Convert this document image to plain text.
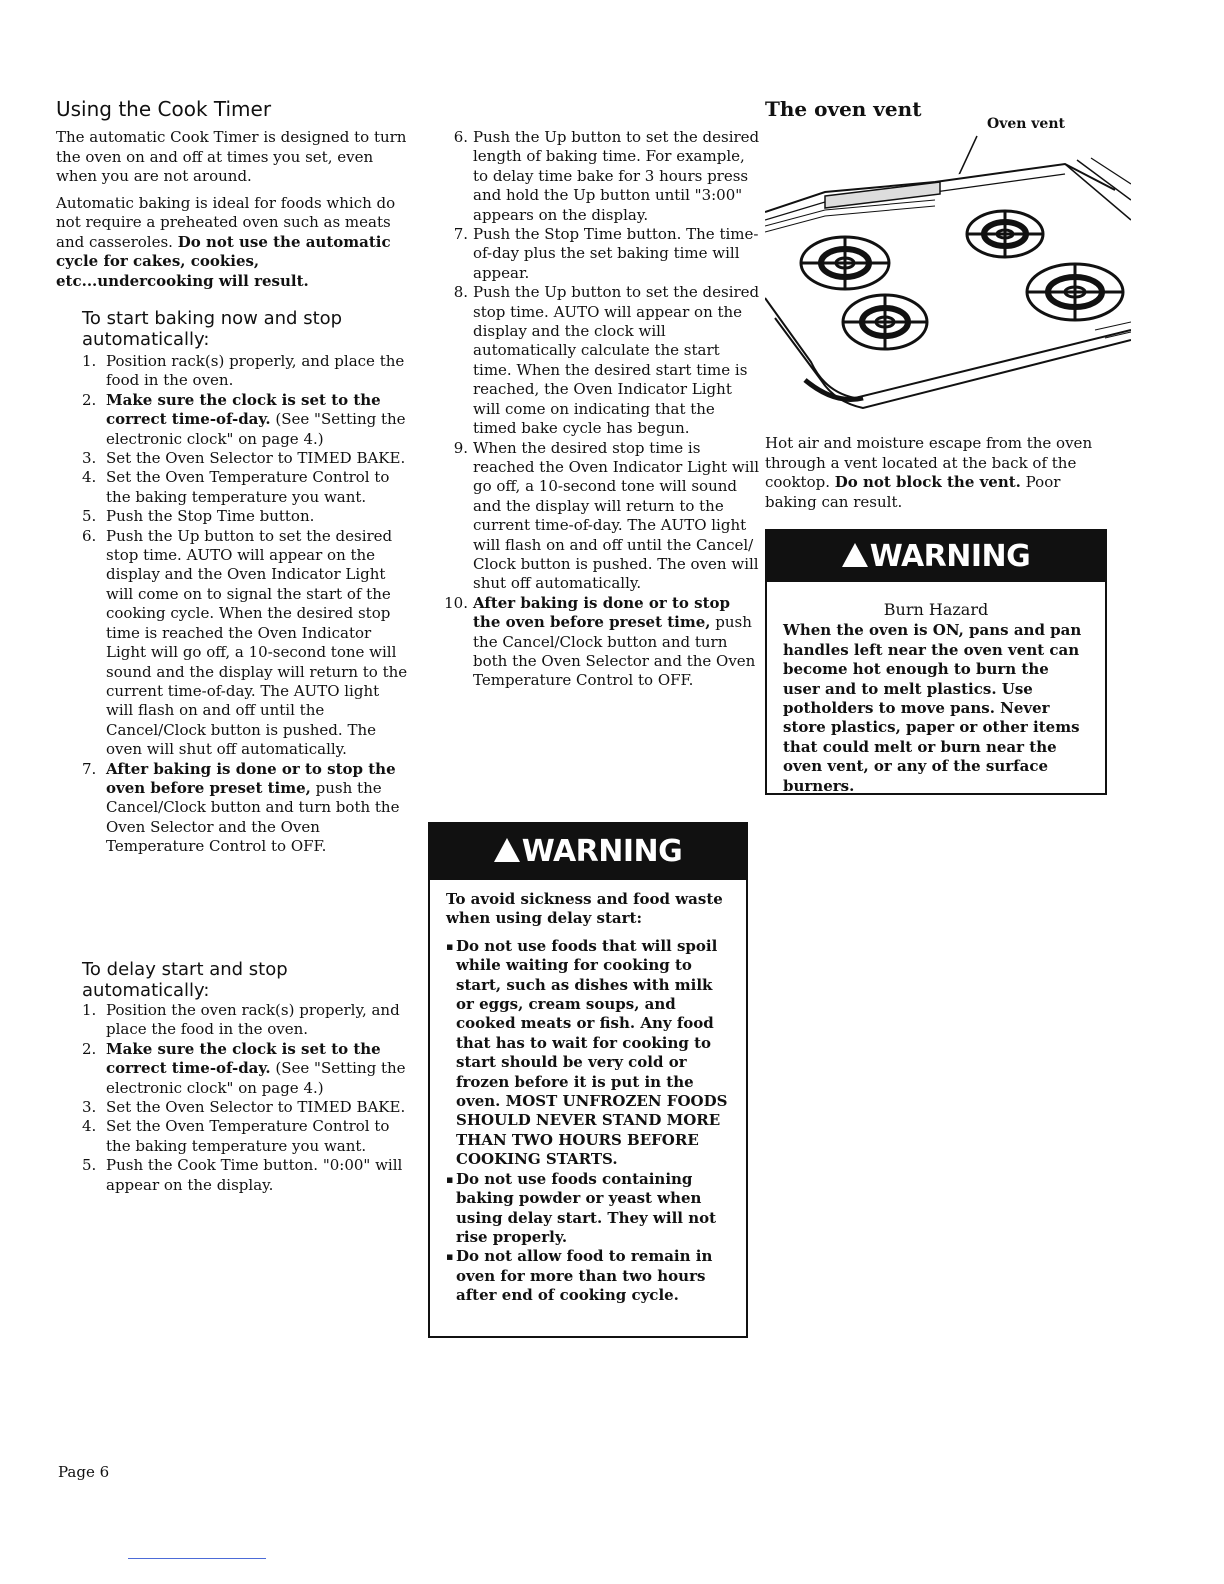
Using the Cook Timer

The automatic Cook Timer is designed to turn the oven on and off at times you set, even when you are not around.

Automatic baking is ideal for foods which do not require a preheated oven such as meats and casseroles. Do not use the automatic cycle for cakes, cookies, etc...undercooking will result.

To start baking now and stop automatically:
1. Position rack(s) properly, and place the food in the oven.
2. Make sure the clock is set to the correct time-of-day. (See "Setting the electronic clock" on page 4.)
3. Set the Oven Selector to TIMED BAKE.
4. Set the Oven Temperature Control to the baking temperature you want.
5. Push the Stop Time button.
6. Push the Up button to set the desired stop time. AUTO will appear on the display and the Oven Indicator Light will come on to signal the start of the cooking cycle. When the desired stop time is reached the Oven Indicator Light will go off, a 10-second tone will sound and the display will return to the current time-of-day. The AUTO light will flash on and off until the Cancel/Clock button is pushed. The oven will shut off automatically.
7. After baking is done or to stop the oven before preset time, push the Cancel/Clock button and turn both the Oven Selector and the Oven Temperature Control to OFF.
To delay start and stop automatically:
1. Position the oven rack(s) properly, and place the food in the oven.
2. Make sure the clock is set to the correct time-of-day. (See "Setting the electronic clock" on page 4.)
3. Set the Oven Selector to TIMED BAKE.
4. Set the Oven Temperature Control to the baking temperature you want.
5. Push the Cook Time button. "0:00" will appear on the display.
6. Push the Up button to set the desired length of baking time. For example, to delay time bake for 3 hours press and hold the Up button until "3:00" appears on the display.
7. Push the Stop Time button. The time-of-day plus the set baking time will appear.
8. Push the Up button to set the desired stop time. AUTO will appear on the display and the clock will automatically calculate the start time. When the desired start time is reached, the Oven Indicator Light will come on indicating that the timed bake cycle has begun.
9. When the desired stop time is reached the Oven Indicator Light will go off, a 10-second tone will sound and the display will return to the current time-of-day. The AUTO light will flash on and off until the Cancel/ Clock button is pushed. The oven will shut off automatically.
10. After baking is done or to stop the oven before preset time, push the Cancel/Clock button and turn both the Oven Selector and the Oven Temperature Control to OFF.
WARNING
To avoid sickness and food waste when using delay start:
▪ Do not use foods that will spoil while waiting for cooking to start, such as dishes with milk or eggs, cream soups, and cooked meats or fish. Any food that has to wait for cooking to start should be very cold or frozen before it is put in the oven. MOST UNFROZEN FOODS SHOULD NEVER STAND MORE THAN TWO HOURS BEFORE COOKING STARTS.
▪ Do not use foods containing baking powder or yeast when using delay start. They will not rise properly.
▪ Do not allow food to remain in oven for more than two hours after end of cooking cycle.
The oven vent
Oven vent

Hot air and moisture escape from the oven through a vent located at the back of the cooktop. Do not block the vent. Poor baking can result.

WARNING
Burn Hazard
When the oven is ON, pans and pan handles left near the oven vent can become hot enough to burn the user and to melt plastics. Use potholders to move pans. Never store plastics, paper or other items that could melt or burn near the oven vent, or any of the surface burners.
Page 6
